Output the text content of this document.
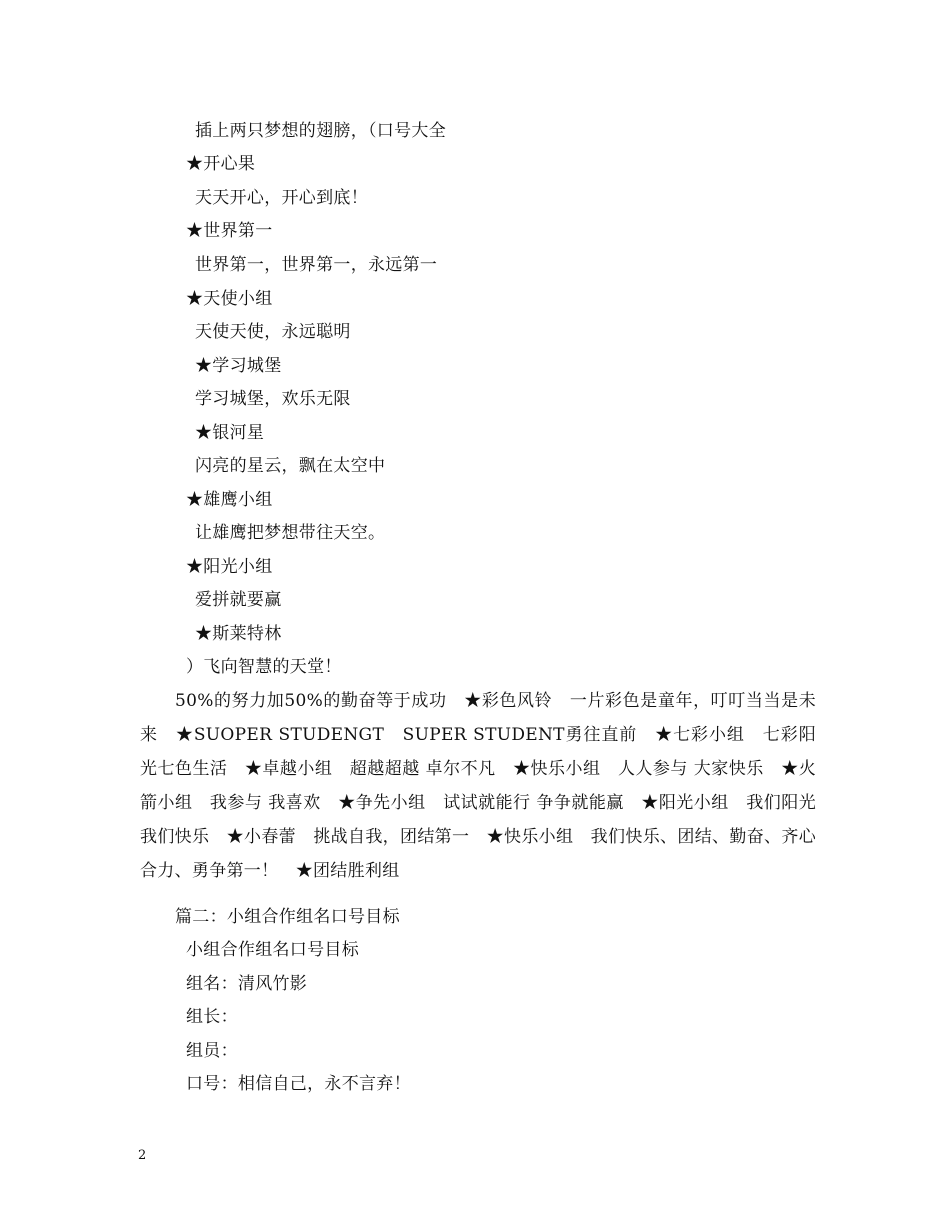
插上两只梦想的翅膀，（口号大全
★开心果
天天开心，开心到底！
★世界第一
世界第一，世界第一，永远第一
★天使小组
天使天使，永远聪明
★学习城堡
学习城堡，欢乐无限
★银河星
闪亮的星云，飘在太空中
★雄鹰小组
让雄鹰把梦想带往天空。
★阳光小组
爱拼就要赢
★斯莱特林
）飞向智慧的天堂！
50%的努力加50%的勤奋等于成功　★彩色风铃　一片彩色是童年，叮叮当当是未来　★SUOPER STUDENGT　SUPER STUDENT勇往直前　★七彩小组　七彩阳光七色生活　★卓越小组　超越超越 卓尔不凡　★快乐小组　人人参与 大家快乐　★火箭小组　我参与 我喜欢　★争先小组　试试就能行 争争就能赢　★阳光小组　我们阳光 我们快乐　★小春蕾　挑战自我，团结第一　★快乐小组　我们快乐、团结、勤奋、齐心合力、勇争第一！　★团结胜利组
篇二：小组合作组名口号目标
小组合作组名口号目标
组名：清风竹影
组长：
组员：
口号：相信自己，永不言弃！
2
